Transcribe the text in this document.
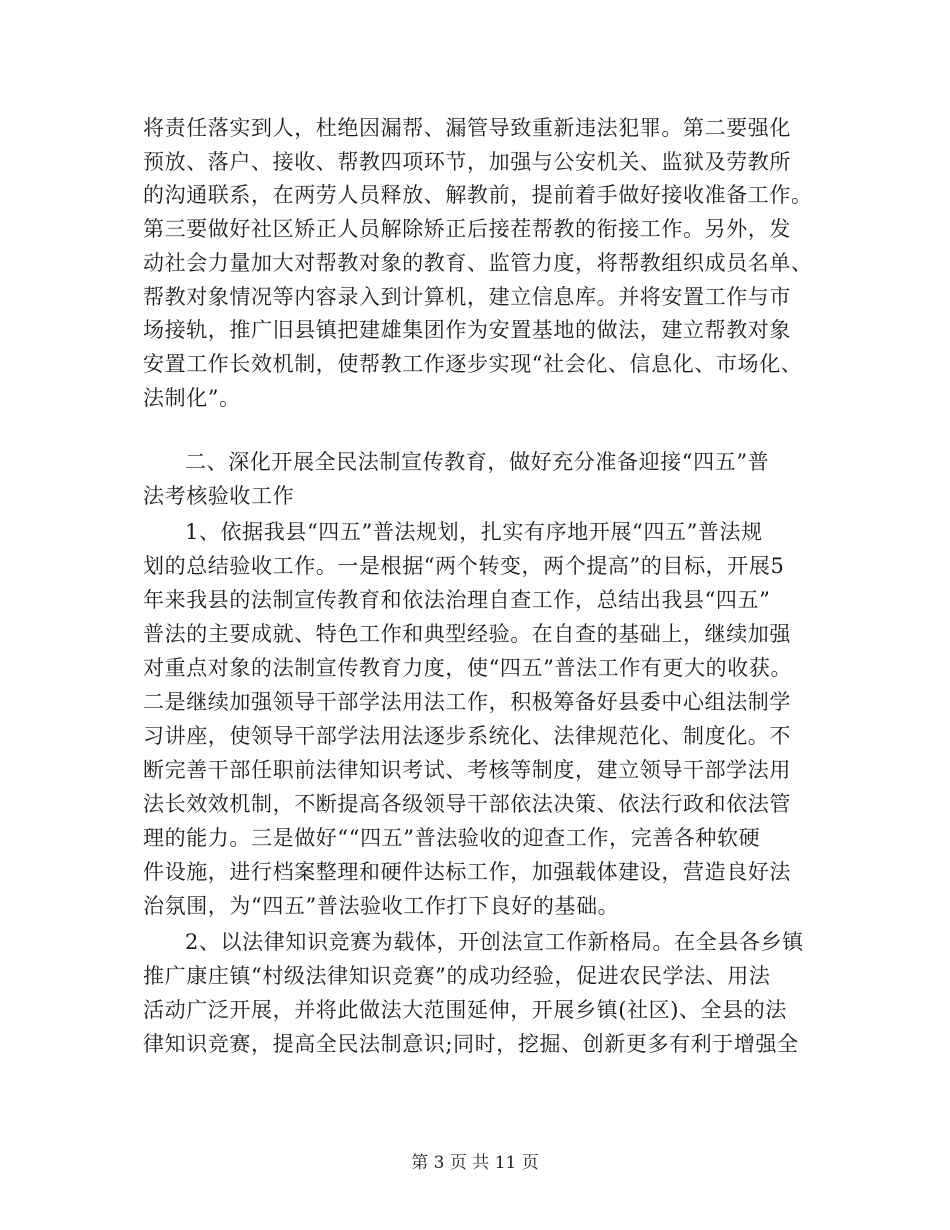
将责任落实到人，杜绝因漏帮、漏管导致重新违法犯罪。第二要强化
预放、落户、接收、帮教四项环节，加强与公安机关、监狱及劳教所
的沟通联系，在两劳人员释放、解教前，提前着手做好接收准备工作。
第三要做好社区矫正人员解除矫正后接茬帮教的衔接工作。另外，发
动社会力量加大对帮教对象的教育、监管力度，将帮教组织成员名单、
帮教对象情况等内容录入到计算机，建立信息库。并将安置工作与市
场接轨，推广旧县镇把建雄集团作为安置基地的做法，建立帮教对象
安置工作长效机制，使帮教工作逐步实现“社会化、信息化、市场化、
法制化”。
二、深化开展全民法制宣传教育，做好充分准备迎接“四五”普
法考核验收工作
1、依据我县“四五”普法规划，扎实有序地开展“四五”普法规
划的总结验收工作。一是根据“两个转变，两个提高”的目标，开展5
年来我县的法制宣传教育和依法治理自查工作，总结出我县“四五”
普法的主要成就、特色工作和典型经验。在自查的基础上，继续加强
对重点对象的法制宣传教育力度，使“四五”普法工作有更大的收获。
二是继续加强领导干部学法用法工作，积极筹备好县委中心组法制学
习讲座，使领导干部学法用法逐步系统化、法律规范化、制度化。不
断完善干部任职前法律知识考试、考核等制度，建立领导干部学法用
法长效效机制，不断提高各级领导干部依法决策、依法行政和依法管
理的能力。三是做好““四五”普法验收的迎查工作，完善各种软硬
件设施，进行档案整理和硬件达标工作，加强载体建设，营造良好法
治氛围，为“四五”普法验收工作打下良好的基础。
2、以法律知识竞赛为载体，开创法宣工作新格局。在全县各乡镇
推广康庄镇“村级法律知识竞赛”的成功经验，促进农民学法、用法
活动广泛开展，并将此做法大范围延伸，开展乡镇(社区)、全县的法
律知识竞赛，提高全民法制意识;同时，挖掘、创新更多有利于增强全
第 3 页 共 11 页
